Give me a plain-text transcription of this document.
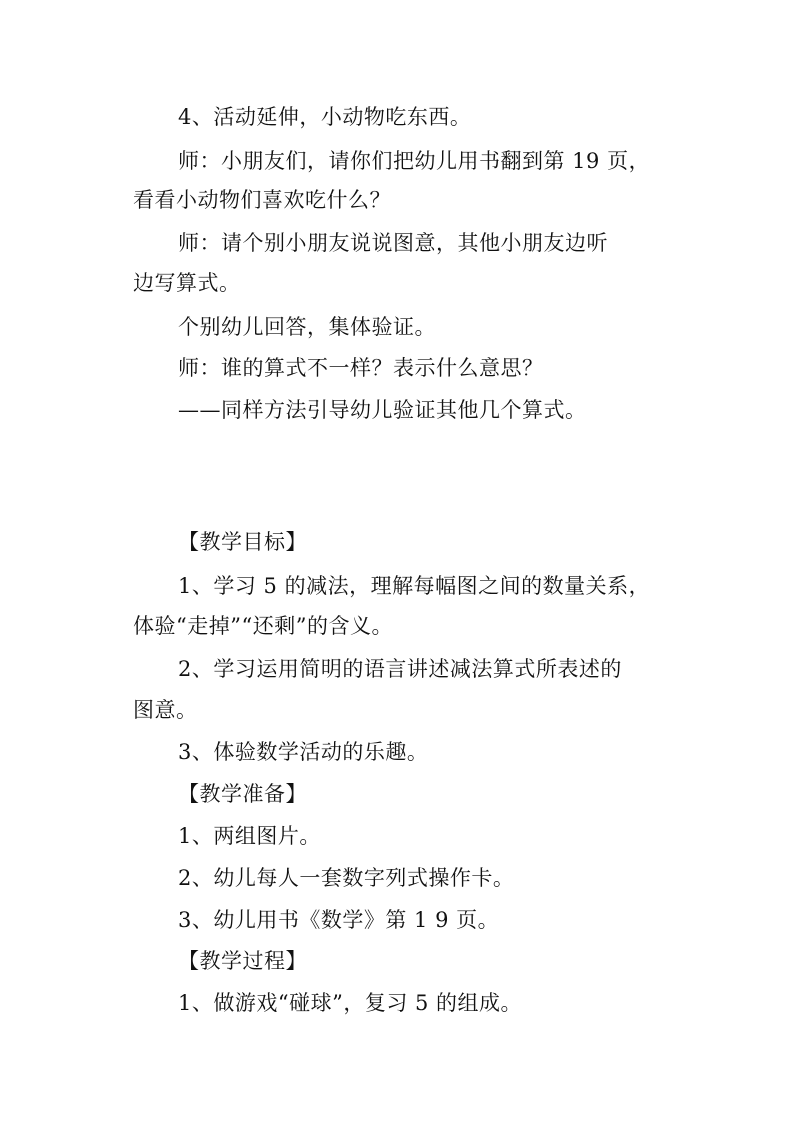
4、活动延伸，小动物吃东西。
师：小朋友们，请你们把幼儿用书翻到第 19 页，
看看小动物们喜欢吃什么？
师：请个别小朋友说说图意，其他小朋友边听
边写算式。
个别幼儿回答，集体验证。
师：谁的算式不一样？表示什么意思？
——同样方法引导幼儿验证其他几个算式。
【教学目标】
1、学习 5 的减法，理解每幅图之间的数量关系，
体验“走掉”“还剩”的含义。
2、学习运用简明的语言讲述减法算式所表述的
图意。
3、体验数学活动的乐趣。
【教学准备】
1、两组图片。
2、幼儿每人一套数字列式操作卡。
3、幼儿用书《数学》第 1 9 页。
【教学过程】
1、做游戏“碰球”，复习 5 的组成。
